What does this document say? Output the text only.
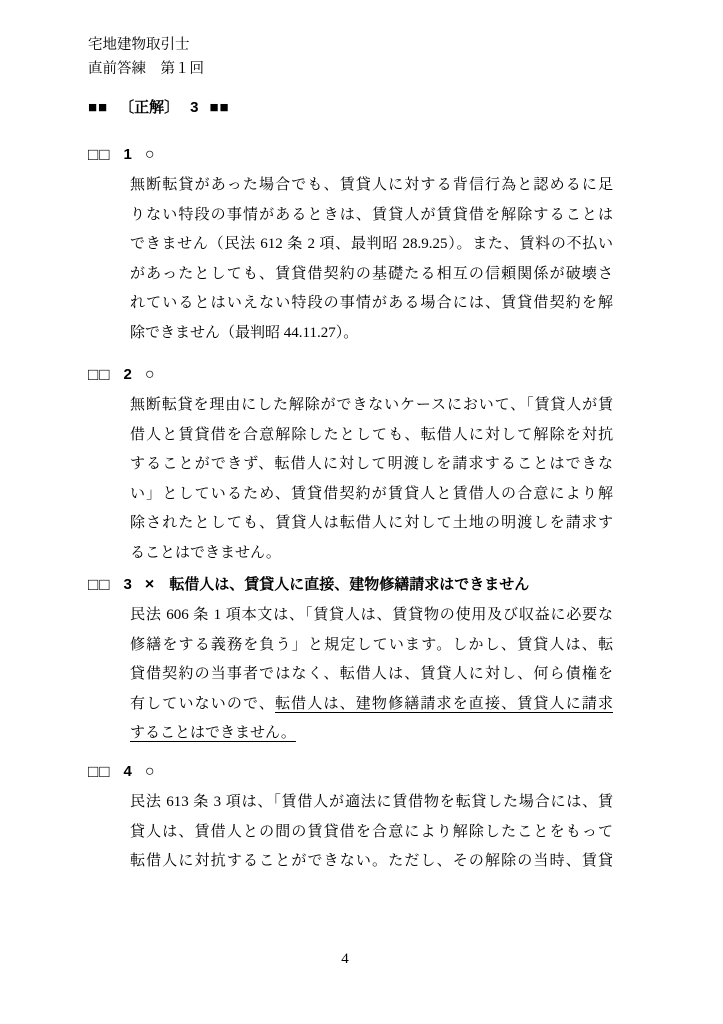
宅地建物取引士
直前答練　第１回
■■ 〔正解〕 3 ■■
□□ 1 ○
無断転貸があった場合でも、賃貸人に対する背信行為と認めるに足
りない特段の事情があるときは、賃貸人が賃貸借を解除することは
できません（民法 612 条 2 項、最判昭 28.9.25）。また、賃料の不払い
があったとしても、賃貸借契約の基礎たる相互の信頼関係が破壊さ
れているとはいえない特段の事情がある場合には、賃貸借契約を解
除できません（最判昭 44.11.27）。
□□ 2 ○
無断転貸を理由にした解除ができないケースにおいて、「賃貸人が賃
借人と賃貸借を合意解除したとしても、転借人に対して解除を対抗
することができず、転借人に対して明渡しを請求することはできな
い」としているため、賃貸借契約が賃貸人と賃借人の合意により解
除されたとしても、賃貸人は転借人に対して土地の明渡しを請求す
ることはできません。
□□ 3 × 転借人は、賃貸人に直接、建物修繕請求はできません
民法 606 条 1 項本文は、「賃貸人は、賃貸物の使用及び収益に必要な
修繕をする義務を負う」と規定しています。しかし、賃貸人は、転
貸借契約の当事者ではなく、転借人は、賃貸人に対し、何ら債権を
有していないので、転借人は、建物修繕請求を直接、賃貸人に請求
することはできません。
□□ 4 ○
民法 613 条 3 項は、「賃借人が適法に賃借物を転貸した場合には、賃
貸人は、賃借人との間の賃貸借を合意により解除したことをもって
転借人に対抗することができない。ただし、その解除の当時、賃貸
4
